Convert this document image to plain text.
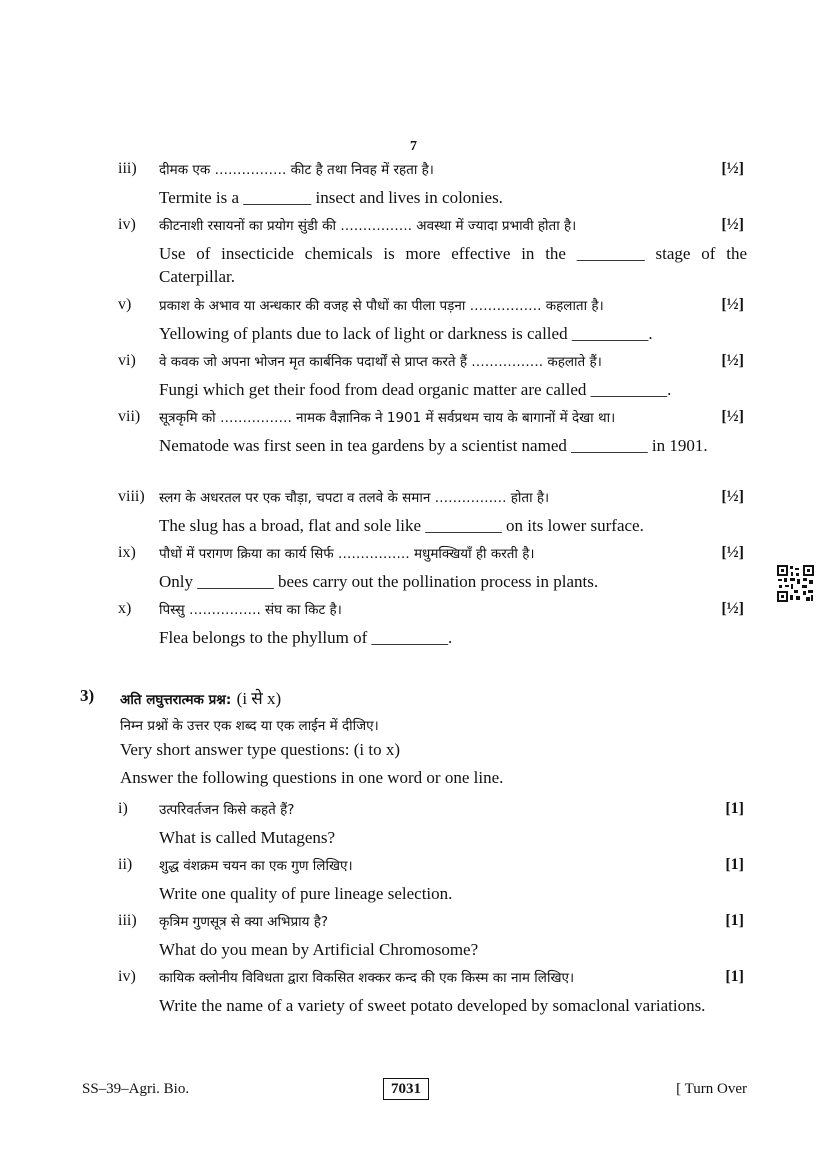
7
iii)	दीमक एक ……………. कीट है तथा निवह में रहता है।	[½]
Termite is a ________ insect and lives in colonies.
iv)	कीटनाशी रसायनों का प्रयोग सुंडी की ……………. अवस्था में ज्यादा प्रभावी होता है।	[½]
Use of insecticide chemicals is more effective in the ________ stage of the Caterpillar.
v)	प्रकाश के अभाव या अन्धकार की वजह से पौधों का पीला पड़ना ……………. कहलाता है।	[½]
Yellowing of plants due to lack of light or darkness is called _________.
vi)	वे कवक जो अपना भोजन मृत कार्बनिक पदार्थों से प्राप्त करते हैं ……………. कहलाते हैं।	[½]
Fungi which get their food from dead organic matter are called _________.
vii)	सूत्रकृमि को ……………. नामक वैज्ञानिक ने 1901 में सर्वप्रथम चाय के बागानों में देखा था।	[½]
Nematode was first seen in tea gardens by a scientist named _________ in 1901.
viii)	स्लग के अधरतल पर एक चौड़ा, चपटा व तलवे के समान ……………. होता है।	[½]
The slug has a broad, flat and sole like _________ on its lower surface.
ix)	पौधों में परागण क्रिया का कार्य सिर्फ ……………. मधुमक्खियाँ ही करती है।	[½]
Only _________ bees carry out the pollination process in plants.
x)	पिस्सु ……………. संघ का किट है।	[½]
Flea belongs to the phyllum of _________.
3) अति लघुत्तरात्मक प्रश्न: (i से x)
निम्न प्रश्नों के उत्तर एक शब्द या एक लाईन में दीजिए।
Very short answer type questions: (i to x)
Answer the following questions in one word or one line.
i)	उत्परिवर्तजन किसे कहते हैं?	[1]
What is called Mutagens?
ii)	शुद्ध वंशक्रम चयन का एक गुण लिखिए।	[1]
Write one quality of pure lineage selection.
iii)	कृत्रिम गुणसूत्र से क्या अभिप्राय है?	[1]
What do you mean by Artificial Chromosome?
iv)	कायिक क्लोनीय विविधता द्वारा विकसित शक्कर कन्द की एक किस्म का नाम लिखिए।	[1]
Write the name of a variety of sweet potato developed by somaclonal variations.
SS–39–Agri. Bio.	7031	[ Turn Over
